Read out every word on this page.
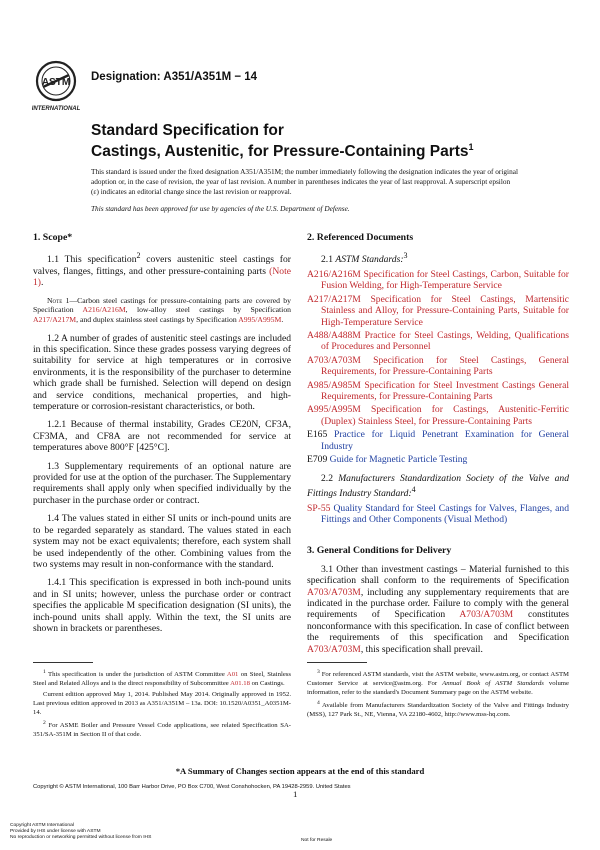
ASTM
INTERNATIONAL
Designation: A351/A351M − 14
Standard Specification for
Castings, Austenitic, for Pressure-Containing Parts$^1$
This standard is issued under the fixed designation A351/A351M; the number immediately following the designation indicates the year of original adoption or, in the case of revision, the year of last revision. A number in parentheses indicates the year of last reapproval. A superscript epsilon (ε) indicates an editorial change since the last revision or reapproval.
This standard has been approved for use by agencies of the U.S. Department of Defense.
1. Scope*

1.1 This specification$^2$ covers austenitic steel castings for valves, flanges, fittings, and other pressure-containing parts (Note 1).

Note 1—Carbon steel castings for pressure-containing parts are covered by Specification A216/A216M, low-alloy steel castings by Specification A217/A217M, and duplex stainless steel castings by Specification A995/A995M.

1.2 A number of grades of austenitic steel castings are included in this specification. Since these grades possess varying degrees of suitability for service at high temperatures or in corrosive environments, it is the responsibility of the purchaser to determine which grade shall be furnished. Selection will depend on design and service conditions, mechanical properties, and high-temperature or corrosion-resistant characteristics, or both.

1.2.1 Because of thermal instability, Grades CE20N, CF3A, CF3MA, and CF8A are not recommended for service at temperatures above 800°F [425°C].

1.3 Supplementary requirements of an optional nature are provided for use at the option of the purchaser. The Supplementary requirements shall apply only when specified individually by the purchaser in the purchase order or contract.

1.4 The values stated in either SI units or inch-pound units are to be regarded separately as standard. The values stated in each system may not be exact equivalents; therefore, each system shall be used independently of the other. Combining values from the two systems may result in non-conformance with the standard.

1.4.1 This specification is expressed in both inch-pound units and in SI units; however, unless the purchase order or contract specifies the applicable M specification designation (SI units), the inch-pound units shall apply. Within the text, the SI units are shown in brackets or parentheses.

2. Referenced Documents
2.1 ASTM Standards:$^3$
A216/A216M Specification for Steel Castings, Carbon, Suitable for Fusion Welding, for High-Temperature Service
A217/A217M Specification for Steel Castings, Martensitic Stainless and Alloy, for Pressure-Containing Parts, Suitable for High-Temperature Service
A488/A488M Practice for Steel Castings, Welding, Qualifications of Procedures and Personnel
A703/A703M Specification for Steel Castings, General Requirements, for Pressure-Containing Parts
A985/A985M Specification for Steel Investment Castings General Requirements, for Pressure-Containing Parts
A995/A995M Specification for Castings, Austenitic-Ferritic (Duplex) Stainless Steel, for Pressure-Containing Parts
E165 Practice for Liquid Penetrant Examination for General Industry
E709 Guide for Magnetic Particle Testing
2.2 Manufacturers Standardization Society of the Valve and Fittings Industry Standard:$^4$
SP-55 Quality Standard for Steel Castings for Valves, Flanges, and Fittings and Other Components (Visual Method)
3. General Conditions for Delivery

3.1 Other than investment castings – Material furnished to this specification shall conform to the requirements of Specification A703/A703M, including any supplementary requirements that are indicated in the purchase order. Failure to comply with the general requirements of Specification A703/A703M constitutes nonconformance with this specification. In case of conflict between the requirements of this specification and Specification A703/A703M, this specification shall prevail.

$^1$ This specification is under the jurisdiction of ASTM Committee A01 on Steel, Stainless Steel and Related Alloys and is the direct responsibility of Subcommittee A01.18 on Castings.
Current edition approved May 1, 2014. Published May 2014. Originally approved in 1952. Last previous edition approved in 2013 as A351/A351M – 13a. DOI: 10.1520/A0351_A0351M-14.
$^2$ For ASME Boiler and Pressure Vessel Code applications, see related Specification SA-351/SA-351M in Section II of that code.
$^3$ For referenced ASTM standards, visit the ASTM website, www.astm.org, or contact ASTM Customer Service at service@astm.org. For Annual Book of ASTM Standards volume information, refer to the standard's Document Summary page on the ASTM website.
$^4$ Available from Manufacturers Standardization Society of the Valve and Fittings Industry (MSS), 127 Park St., NE, Vienna, VA 22180-4602, http://www.mss-hq.com.
*A Summary of Changes section appears at the end of this standard
Copyright © ASTM International, 100 Barr Harbor Drive, PO Box C700, West Conshohocken, PA 19428-2959. United States
1
Copyright ASTM International
Provided by IHS under license with ASTM
No reproduction or networking permitted without license from IHS
Not for Resale
